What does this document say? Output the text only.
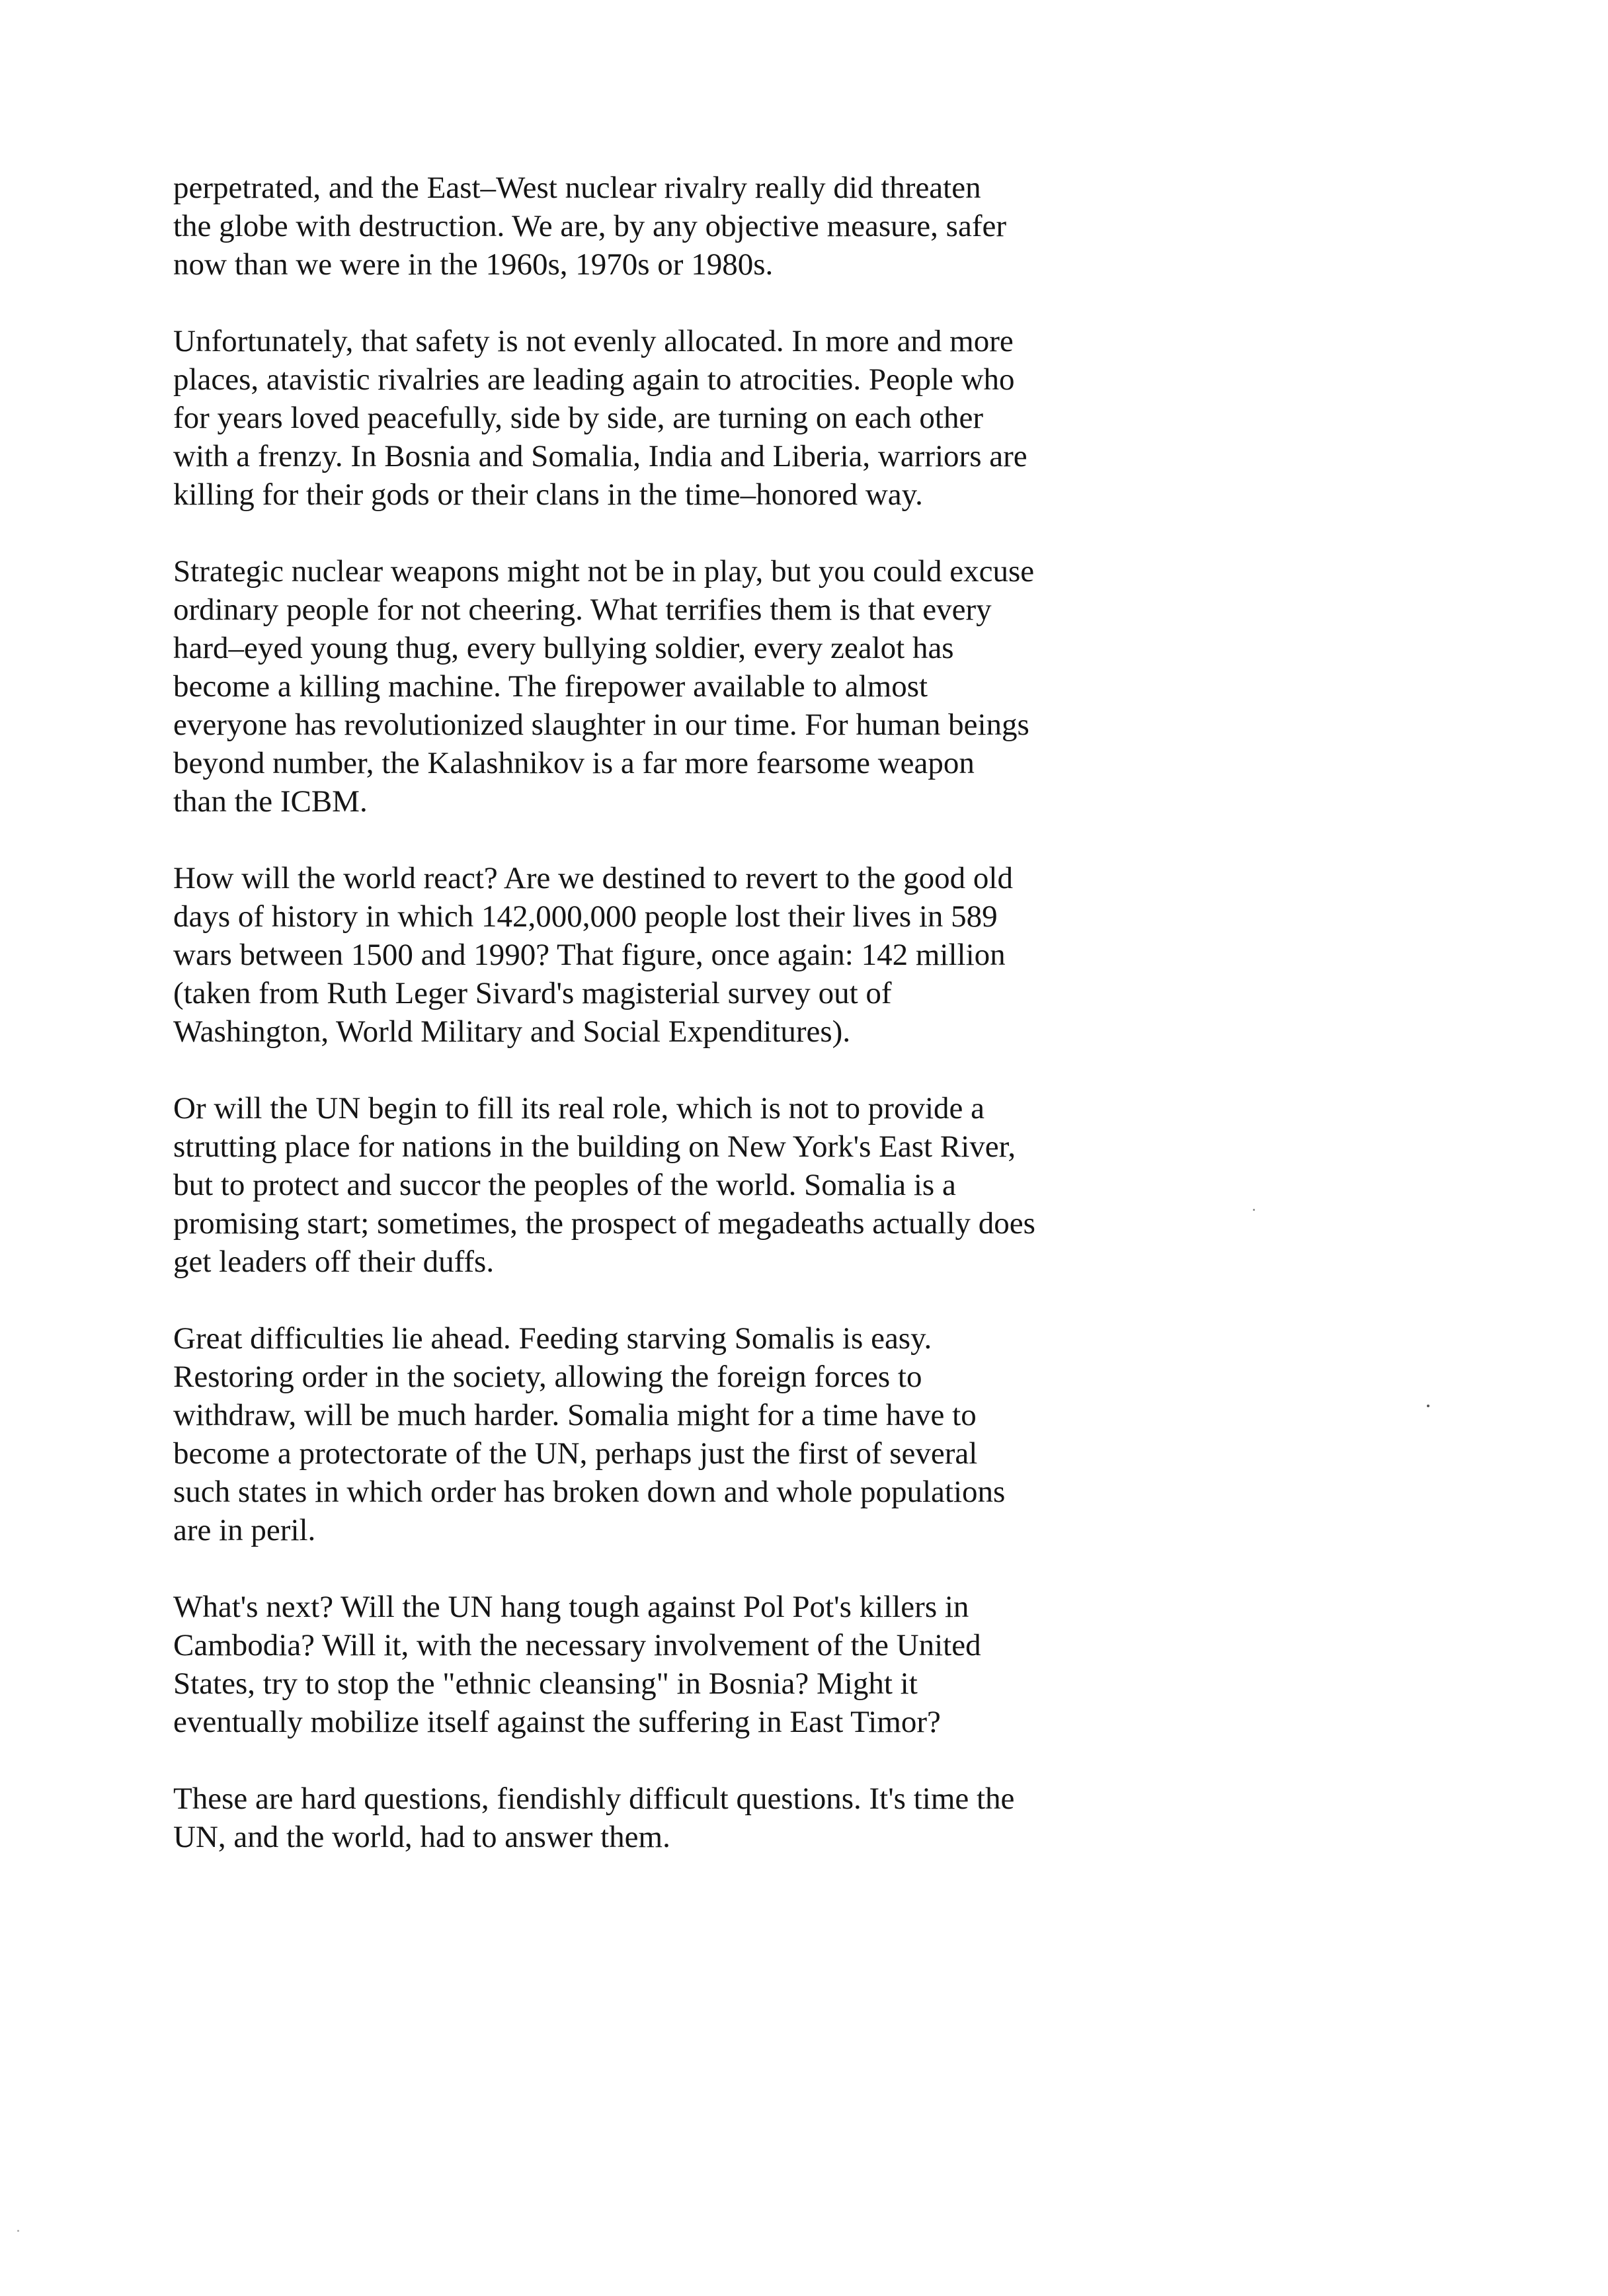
perpetrated, and the East–West nuclear rivalry really did threaten
the globe with destruction. We are, by any objective measure, safer
now than we were in the 1960s, 1970s or 1980s.

Unfortunately, that safety is not evenly allocated. In more and more
places, atavistic rivalries are leading again to atrocities. People who
for years loved peacefully, side by side, are turning on each other
with a frenzy. In Bosnia and Somalia, India and Liberia, warriors are
killing for their gods or their clans in the time–honored way.

Strategic nuclear weapons might not be in play, but you could excuse
ordinary people for not cheering. What terrifies them is that every
hard–eyed young thug, every bullying soldier, every zealot has
become a killing machine. The firepower available to almost
everyone has revolutionized slaughter in our time. For human beings
beyond number, the Kalashnikov is a far more fearsome weapon
than the ICBM.

How will the world react? Are we destined to revert to the good old
days of history in which 142,000,000 people lost their lives in 589
wars between 1500 and 1990? That figure, once again: 142 million
(taken from Ruth Leger Sivard's magisterial survey out of
Washington, World Military and Social Expenditures).

Or will the UN begin to fill its real role, which is not to provide a
strutting place for nations in the building on New York's East River,
but to protect and succor the peoples of the world. Somalia is a
promising start; sometimes, the prospect of megadeaths actually does
get leaders off their duffs.

Great difficulties lie ahead. Feeding starving Somalis is easy.
Restoring order in the society, allowing the foreign forces to
withdraw, will be much harder. Somalia might for a time have to
become a protectorate of the UN, perhaps just the first of several
such states in which order has broken down and whole populations
are in peril.

What's next? Will the UN hang tough against Pol Pot's killers in
Cambodia? Will it, with the necessary involvement of the United
States, try to stop the "ethnic cleansing" in Bosnia? Might it
eventually mobilize itself against the suffering in East Timor?

These are hard questions, fiendishly difficult questions. It's time the
UN, and the world, had to answer them.
